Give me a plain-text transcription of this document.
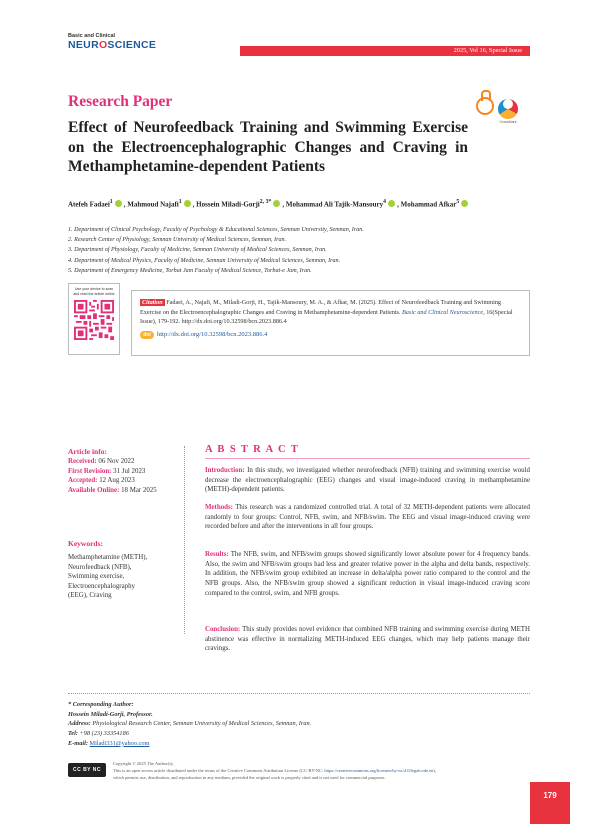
Basic and Clinical
NEUROSCIENCE	2025, Vol 16, Special Issue
Research Paper
Effect of Neurofeedback Training and Swimming Exercise on the Electroencephalographic Changes and Craving in Methamphetamine-dependent Patients
CrossMark
Atefeh Fadaei$^1$ , Mahmoud Najafi$^1$ , Hossein Miladi-Gorji$^{2, 3*}$ , Mohammad Ali Tajik-Mansoury$^4$ , Mohammad Afkar$^5$
1. Department of Clinical Psychology, Faculty of Psychology & Educational Sciences, Semnan University, Semnan, Iran.
2. Research Center of Physiology, Semnan University of Medical Sciences, Semnan, Iran.
3. Department of Physiology, Faculty of Medicine, Semnan University of Medical Sciences, Semnan, Iran.
4. Department of Medical Physics, Faculty of Medicine, Semnan University of Medical Sciences, Semnan, Iran.
5. Department of Emergency Medicine, Torbat Jam Faculty of Medical Science, Torbat-e Jam, Iran.
Use your device to scan
and read the article online
Citation Fadaei, A., Najafi, M., Miladi-Gorji, H., Tajik-Mansoury, M. A., & Afkar, M. (2025). Effect of Neurofeedback Training and Swimming Exercise on the Electroencephalographic Changes and Craving in Methamphetamine-dependent Patients. Basic and Clinical Neuroscience, 16(Special Issue), 179-192. http://dx.doi.org/10.32598/bcn.2023.886.4
doi http://dx.doi.org/10.32598/bcn.2023.886.4
Article info:
Received: 06 Nov 2022
First Revision: 31 Jul 2023
Accepted: 12 Aug 2023
Available Online: 18 Mar 2025
Keywords:
Methamphetamine (METH),
Neurofeedback (NFB),
Swimming exercise,
Electroencephalography
(EEG), Craving
A B S T R A C T
Introduction: In this study, we investigated whether neurofeedback (NFB) training and swimming exercise would decrease the electroencephalographic (EEG) changes and visual image-induced craving in methamphetamine (METH)-dependent patients.
Methods: This research was a randomized controlled trial. A total of 32 METH-dependent patients were allocated randomly to four groups: Control, NFB, swim, and NFB/swim. The EEG and visual image-induced craving were recorded before and after the interventions in all four groups.
Results: The NFB, swim, and NFB/swim groups showed significantly lower absolute power for 4 frequency bands. Also, the swim and NFB/swim groups had less and greater relative power in the alpha and delta bands, respectively. In addition, the NFB/swim group exhibited an increase in delta/alpha power ratio compared to the control and the NFB groups. Also, the NFB/swim group showed a significant reduction in visual image-induced craving score compared to the control, swim, and NFB groups.
Conclusion: This study provides novel evidence that combined NFB training and swimming exercise during METH abstinence was effective in normalizing METH-induced EEG changes, which may help patients manage their cravings.
* Corresponding Author:
Hossein Miladi-Gorji, Professor.
Address: Physiological Research Center, Semnan University of Medical Sciences, Semnan, Iran.
Tel: +98 (23) 33354186
E-mail: Miladi331@yahoo.com
CC BY NC
Copyright © 2025 The Author(s);
This is an open access article distributed under the terms of the Creative Commons Attribution License (CC-BY-NC: https://creativecommons.org/licenses/by-nc/4.0/legalcode.en),
which permits use, distribution, and reproduction in any medium, provided the original work is properly cited and is not used for commercial purposes.
179
